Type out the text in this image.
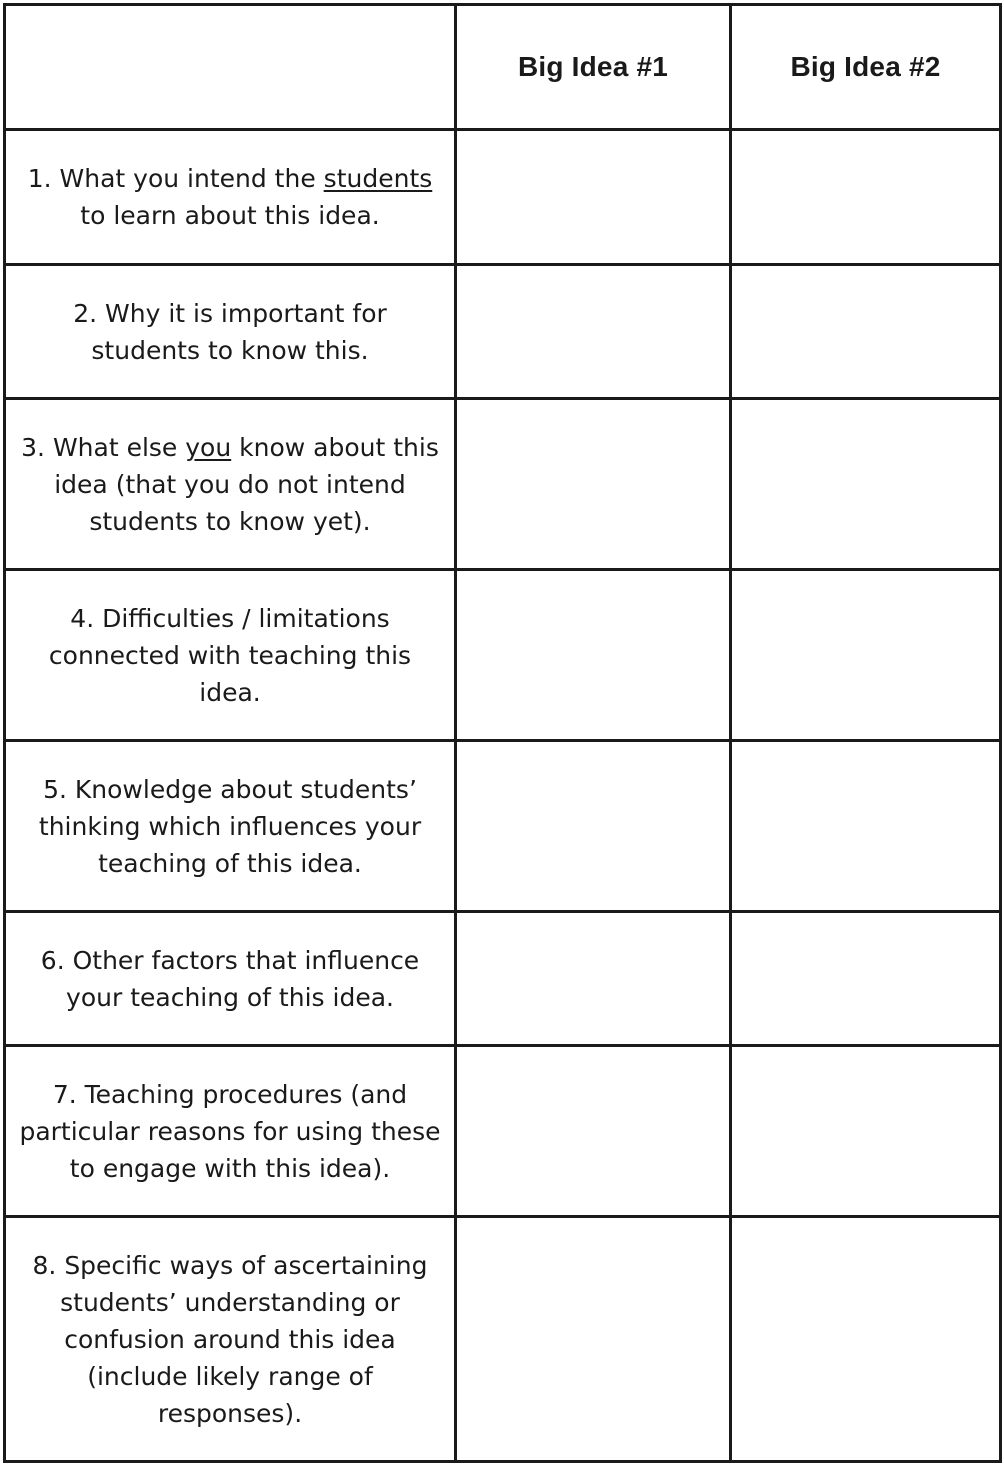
	Big Idea #1	Big Idea #2
1. What you intend the students to learn about this idea.		
2. Why it is important for students to know this.		
3. What else you know about this idea (that you do not intend students to know yet).		
4. Difficulties / limitations connected with teaching this idea.		
5. Knowledge about students’ thinking which influences your teaching of this idea.		
6. Other factors that influence your teaching of this idea.		
7. Teaching procedures (and particular reasons for using these to engage with this idea).		
8. Specific ways of ascertaining students’ understanding or confusion around this idea (include likely range of responses).		
